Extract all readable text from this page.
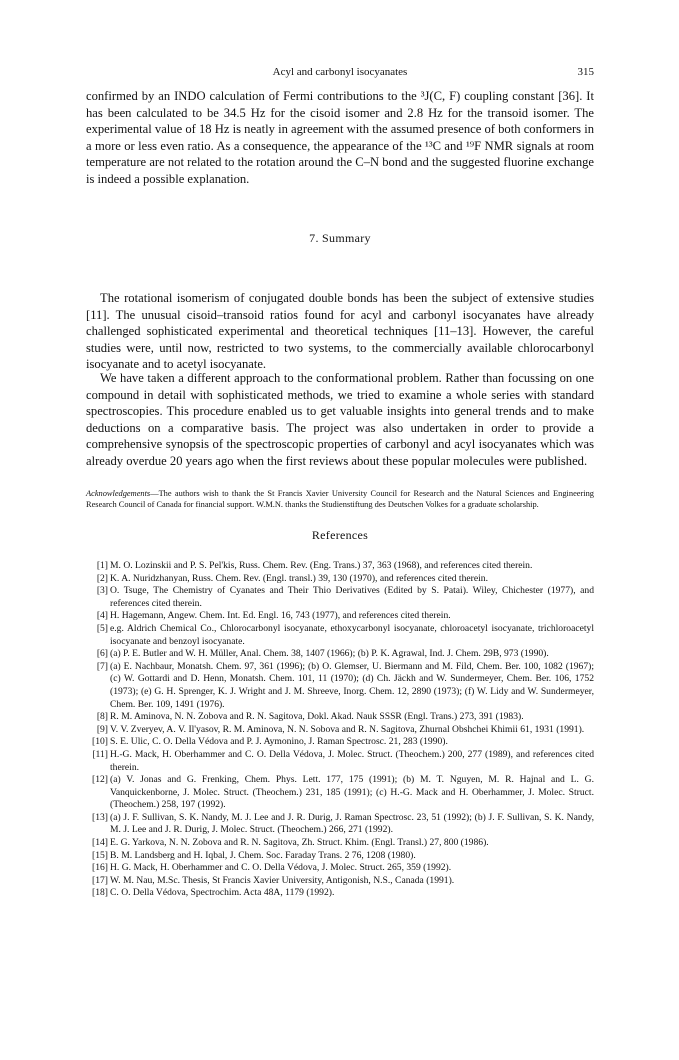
Acyl and carbonyl isocyanates	315

confirmed by an INDO calculation of Fermi contributions to the ³J(C, F) coupling constant [36]. It has been calculated to be 34.5 Hz for the cisoid isomer and 2.8 Hz for the transoid isomer. The experimental value of 18 Hz is neatly in agreement with the assumed presence of both conformers in a more or less even ratio. As a consequence, the appearance of the ¹³C and ¹⁹F NMR signals at room temperature are not related to the rotation around the C–N bond and the suggested fluorine exchange is indeed a possible explanation.

7. Summary

The rotational isomerism of conjugated double bonds has been the subject of extensive studies [11]. The unusual cisoid–transoid ratios found for acyl and carbonyl isocyanates have already challenged sophisticated experimental and theoretical techniques [11–13]. However, the careful studies were, until now, restricted to two systems, to the commercially available chlorocarbonyl isocyanate and to acetyl isocyanate.

We have taken a different approach to the conformational problem. Rather than focussing on one compound in detail with sophisticated methods, we tried to examine a whole series with standard spectroscopies. This procedure enabled us to get valuable insights into general trends and to make deductions on a comparative basis. The project was also undertaken in order to provide a comprehensive synopsis of the spectroscopic properties of carbonyl and acyl isocyanates which was already overdue 20 years ago when the first reviews about these popular molecules were published.

Acknowledgements—The authors wish to thank the St Francis Xavier University Council for Research and the Natural Sciences and Engineering Research Council of Canada for financial support. W.M.N. thanks the Studienstiftung des Deutschen Volkes for a graduate scholarship.

References
[1] M. O. Lozinskii and P. S. Pel'kis, Russ. Chem. Rev. (Eng. Trans.) 37, 363 (1968), and references cited therein.
[2] K. A. Nuridzhanyan, Russ. Chem. Rev. (Engl. transl.) 39, 130 (1970), and references cited therein.
[3] O. Tsuge, The Chemistry of Cyanates and Their Thio Derivatives (Edited by S. Patai). Wiley, Chichester (1977), and references cited therein.
[4] H. Hagemann, Angew. Chem. Int. Ed. Engl. 16, 743 (1977), and references cited therein.
[5] e.g. Aldrich Chemical Co., Chlorocarbonyl isocyanate, ethoxycarbonyl isocyanate, chloroacetyl isocyanate, trichloroacetyl isocyanate and benzoyl isocyanate.
[6] (a) P. E. Butler and W. H. Müller, Anal. Chem. 38, 1407 (1966); (b) P. K. Agrawal, Ind. J. Chem. 29B, 973 (1990).
[7] (a) E. Nachbaur, Monatsh. Chem. 97, 361 (1996); (b) O. Glemser, U. Biermann and M. Fild, Chem. Ber. 100, 1082 (1967); (c) W. Gottardi and D. Henn, Monatsh. Chem. 101, 11 (1970); (d) Ch. Jäckh and W. Sundermeyer, Chem. Ber. 106, 1752 (1973); (e) G. H. Sprenger, K. J. Wright and J. M. Shreeve, Inorg. Chem. 12, 2890 (1973); (f) W. Lidy and W. Sundermeyer, Chem. Ber. 109, 1491 (1976).
[8] R. M. Aminova, N. N. Zobova and R. N. Sagitova, Dokl. Akad. Nauk SSSR (Engl. Trans.) 273, 391 (1983).
[9] V. V. Zveryev, A. V. Il'yasov, R. M. Aminova, N. N. Sobova and R. N. Sagitova, Zhurnal Obshchei Khimii 61, 1931 (1991).
[10] S. E. Ulic, C. O. Della Védova and P. J. Aymonino, J. Raman Spectrosc. 21, 283 (1990).
[11] H.-G. Mack, H. Oberhammer and C. O. Della Védova, J. Molec. Struct. (Theochem.) 200, 277 (1989), and references cited therein.
[12] (a) V. Jonas and G. Frenking, Chem. Phys. Lett. 177, 175 (1991); (b) M. T. Nguyen, M. R. Hajnal and L. G. Vanquickenborne, J. Molec. Struct. (Theochem.) 231, 185 (1991); (c) H.-G. Mack and H. Oberhammer, J. Molec. Struct. (Theochem.) 258, 197 (1992).
[13] (a) J. F. Sullivan, S. K. Nandy, M. J. Lee and J. R. Durig, J. Raman Spectrosc. 23, 51 (1992); (b) J. F. Sullivan, S. K. Nandy, M. J. Lee and J. R. Durig, J. Molec. Struct. (Theochem.) 266, 271 (1992).
[14] E. G. Yarkova, N. N. Zobova and R. N. Sagitova, Zh. Struct. Khim. (Engl. Transl.) 27, 800 (1986).
[15] B. M. Landsberg and H. Iqbal, J. Chem. Soc. Faraday Trans. 2 76, 1208 (1980).
[16] H. G. Mack, H. Oberhammer and C. O. Della Védova, J. Molec. Struct. 265, 359 (1992).
[17] W. M. Nau, M.Sc. Thesis, St Francis Xavier University, Antigonish, N.S., Canada (1991).
[18] C. O. Della Védova, Spectrochim. Acta 48A, 1179 (1992).
